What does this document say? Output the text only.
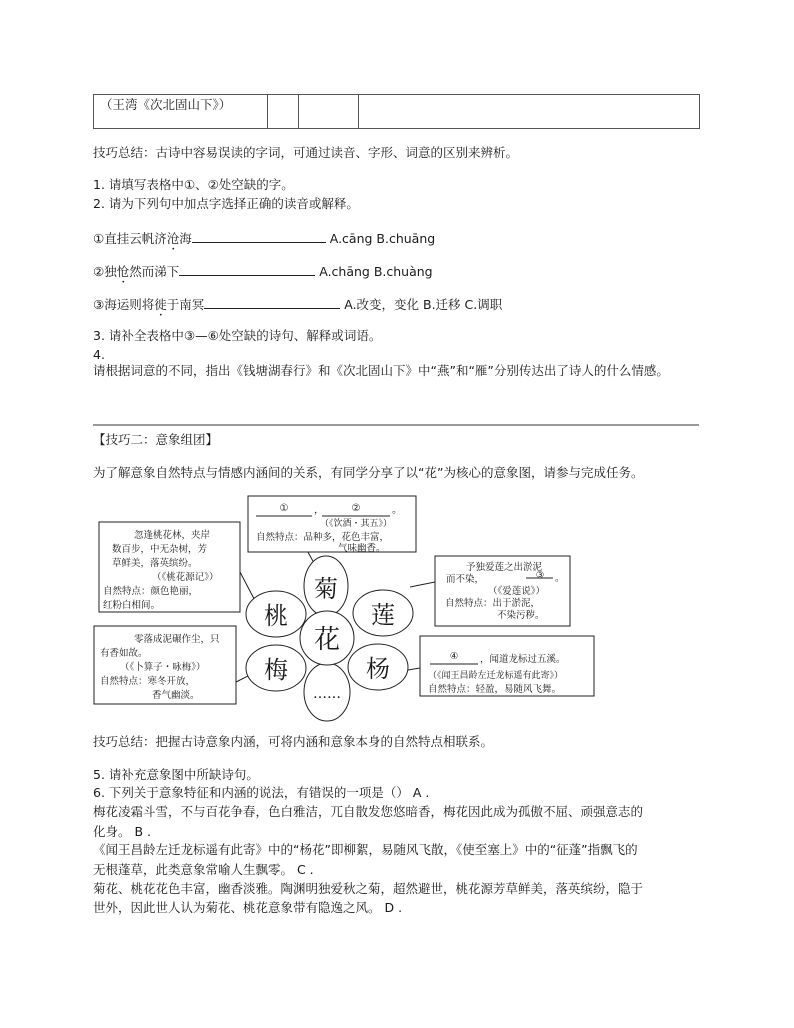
（王湾《次北固山下》）			
技巧总结：古诗中容易误读的字词，可通过读音、字形、词意的区别来辨析。
1. 请填写表格中①、②处空缺的字。
2. 请为下列句中加点字选择正确的读音或解释。
①直挂云帆济沧海	A.cāng B.chuāng
②独怆然而涕下	A.chāng B.chuàng
③海运则将徙于南冥	A.改变，变化 B.迁移 C.调职
3. 请补全表格中③—⑥处空缺的诗句、解释或词语。
4.
请根据词意的不同，指出《钱塘湖春行》和《次北固山下》中“燕”和“雁”分别传达出了诗人的什么情感。
【技巧二：意象组团】
为了解意象自然特点与情感内涵间的关系，有同学分享了以“花”为核心的意象图，请参与完成任务。
菊
莲
杨
……
梅
桃
花
①	，	②	。
（《饮酒・其五》）
自然特点：品种多，花色丰富，
气味幽香。
忽逢桃花林，夹岸
数百步，中无杂树，芳
草鲜美，落英缤纷。
（《桃花源记》）
自然特点：颜色艳丽，
红粉白相间。
予独爱莲之出淤泥
而不染，	③ 。
（《爱莲说》）
自然特点：出于淤泥，
不染污秽。
零落成泥碾作尘，只
有香如故。
（《卜算子・咏梅》）
自然特点：寒冬开放，
香气幽淡。
④ ，闻道龙标过五溪。
（《闻王昌龄左迁龙标遥有此寄》）
自然特点：轻盈，易随风飞舞。
技巧总结：把握古诗意象内涵，可将内涵和意象本身的自然特点相联系。
5. 请补充意象图中所缺诗句。
6. 下列关于意象特征和内涵的说法，有错误的一项是（） A .
梅花凌霜斗雪，不与百花争春，色白雅洁，兀自散发您悠暗香，梅花因此成为孤傲不屈、顽强意志的
化身。 B .
《闻王昌龄左迁龙标遥有此寄》中的“杨花”即柳絮，易随风飞散，《使至塞上》中的“征蓬”指飘飞的
无根蓬草，此类意象常喻人生飘零。 C .
菊花、桃花花色丰富，幽香淡雅。陶渊明独爱秋之菊，超然避世，桃花源芳草鲜美，落英缤纷，隐于
世外，因此世人认为菊花、桃花意象带有隐逸之风。 D .
